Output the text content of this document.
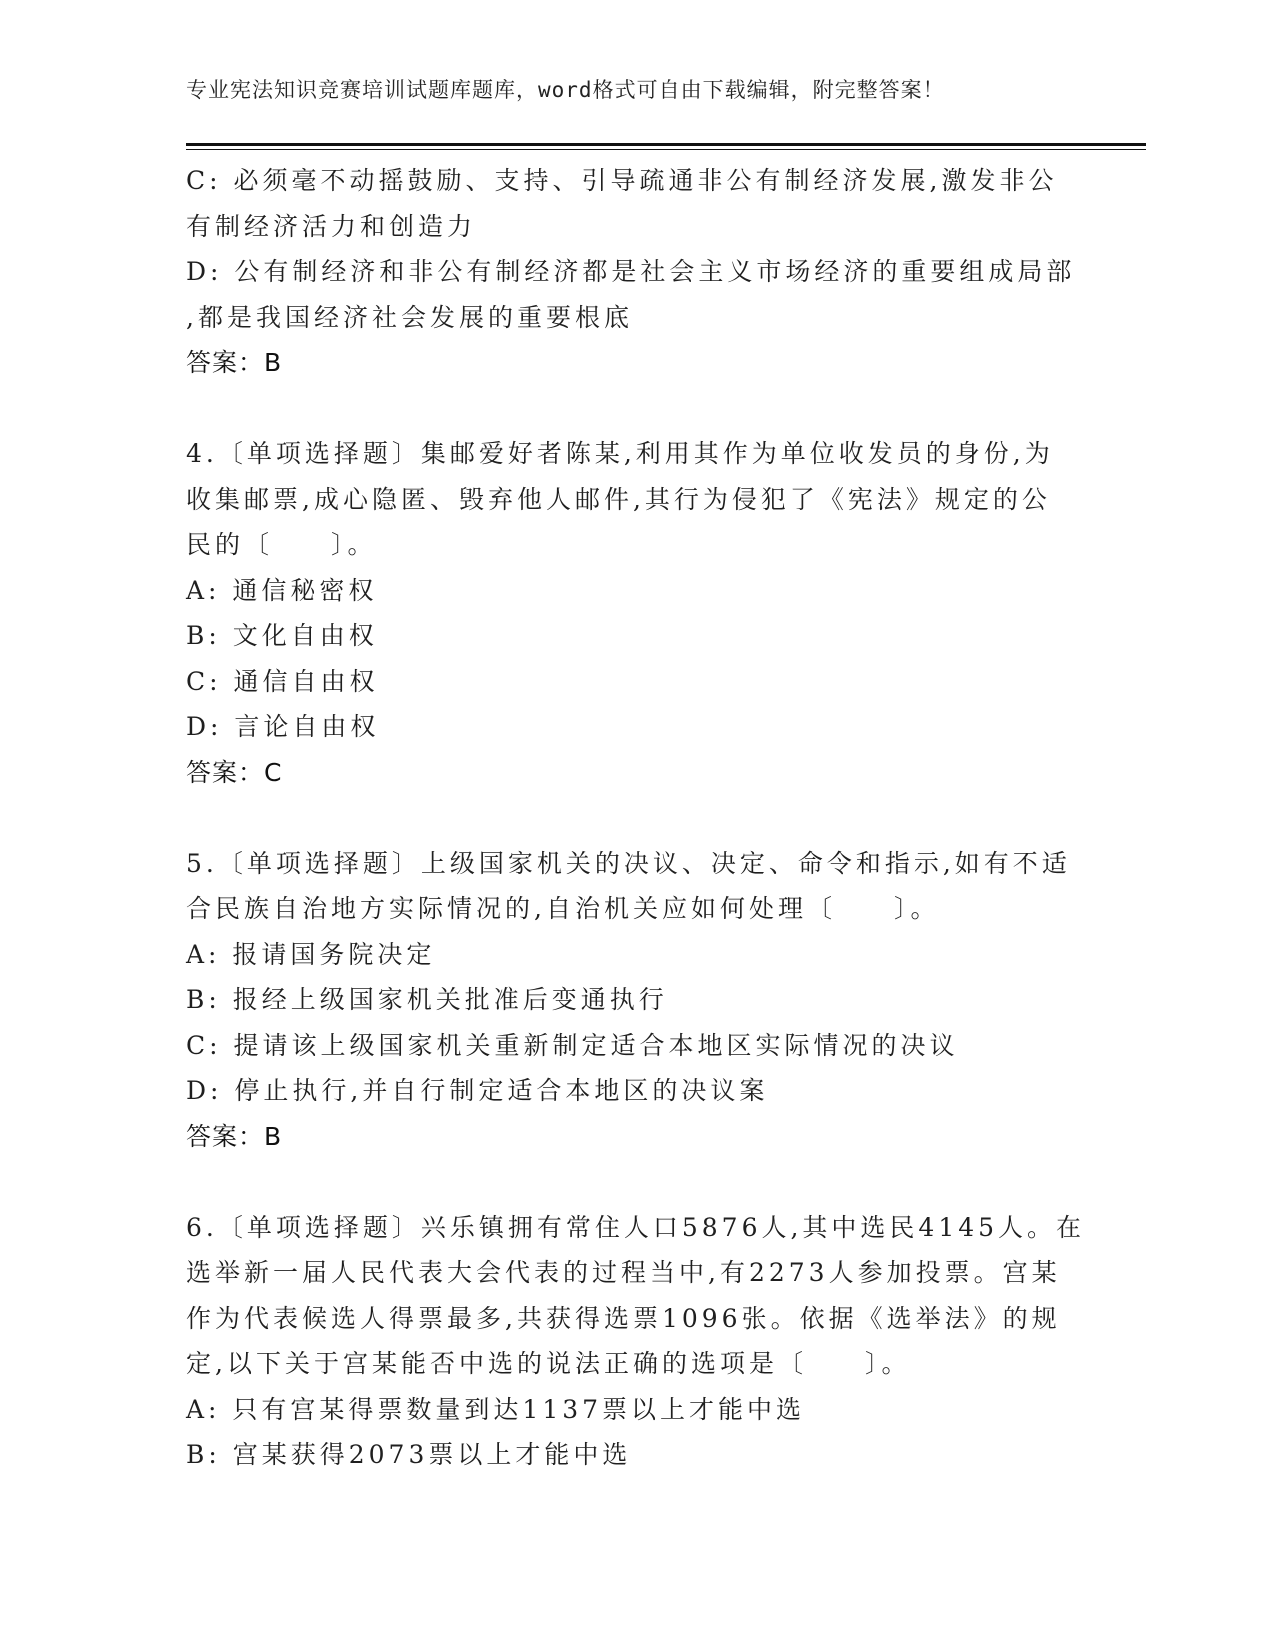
专业宪法知识竞赛培训试题库题库，word格式可自由下载编辑，附完整答案！
C: 必须毫不动摇鼓励、支持、引导疏通非公有制经济发展,激发非公
有制经济活力和创造力
D: 公有制经济和非公有制经济都是社会主义市场经济的重要组成局部
,都是我国经济社会发展的重要根底
答案：B
4.〔单项选择题〕集邮爱好者陈某,利用其作为单位收发员的身份,为
收集邮票,成心隐匿、毁弃他人邮件,其行为侵犯了《宪法》规定的公
民的〔　　〕。
A: 通信秘密权
B: 文化自由权
C: 通信自由权
D: 言论自由权
答案：C
5.〔单项选择题〕上级国家机关的决议、决定、命令和指示,如有不适
合民族自治地方实际情况的,自治机关应如何处理〔　　〕。
A: 报请国务院决定
B: 报经上级国家机关批准后变通执行
C: 提请该上级国家机关重新制定适合本地区实际情况的决议
D: 停止执行,并自行制定适合本地区的决议案
答案：B
6.〔单项选择题〕兴乐镇拥有常住人口5876人,其中选民4145人。在
选举新一届人民代表大会代表的过程当中,有2273人参加投票。宫某
作为代表候选人得票最多,共获得选票1096张。依据《选举法》的规
定,以下关于宫某能否中选的说法正确的选项是〔　　〕。
A: 只有宫某得票数量到达1137票以上才能中选
B: 宫某获得2073票以上才能中选
